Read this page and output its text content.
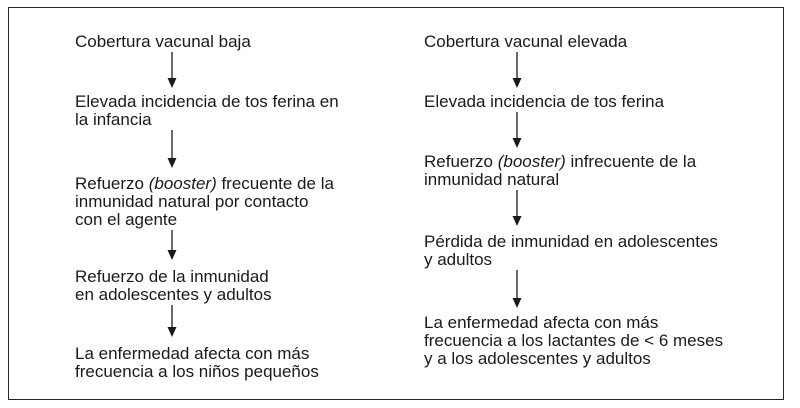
Cobertura vacunal baja
Elevada incidencia de tos ferina en
la infancia
Refuerzo (booster) frecuente de la
inmunidad natural por contacto
con el agente
Refuerzo de la inmunidad
en adolescentes y adultos
La enfermedad afecta con más
frecuencia a los niños pequeños
Cobertura vacunal elevada
Elevada incidencia de tos ferina
Refuerzo (booster) infrecuente de la
inmunidad natural
Pérdida de inmunidad en adolescentes
y adultos
La enfermedad afecta con más
frecuencia a los lactantes de < 6 meses
y a los adolescentes y adultos
